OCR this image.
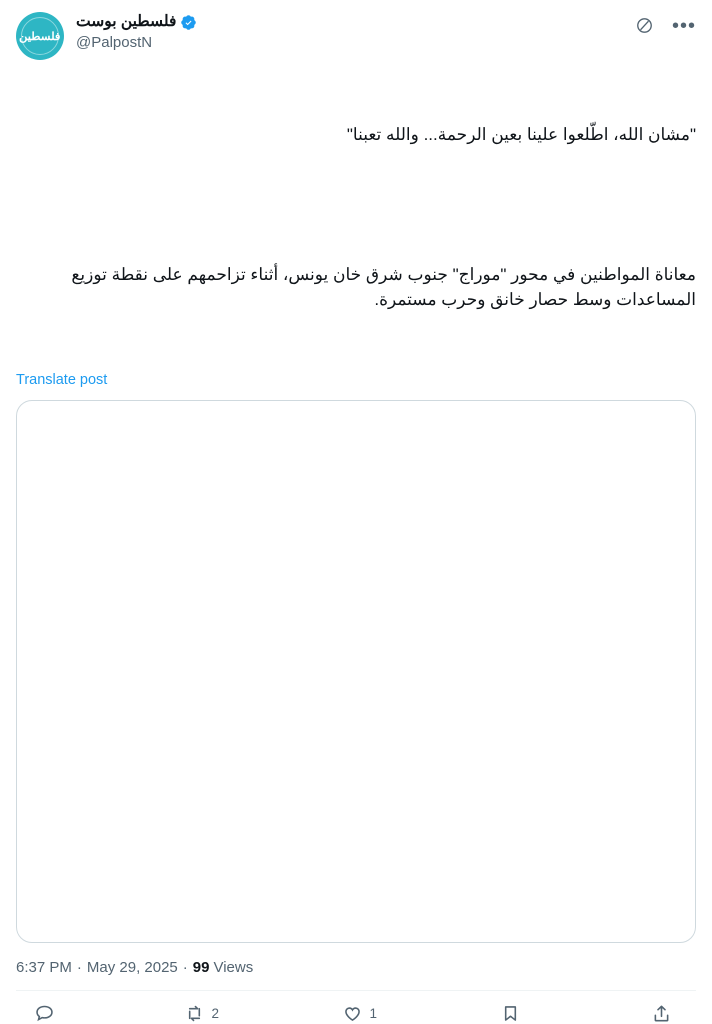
فلسطين
فلسطين بوست
@PalpostN
•••

"مشان الله، اطّلعوا علينا بعين الرحمة... والله تعبنا"

معاناة المواطنين في محور "موراج" جنوب شرق خان يونس، أثناء تزاحمهم على نقطة توزيع المساعدات وسط حصار خانق وحرب مستمرة.

Translate post
6:37 PM · May 29, 2025 · 99 Views
2	1
